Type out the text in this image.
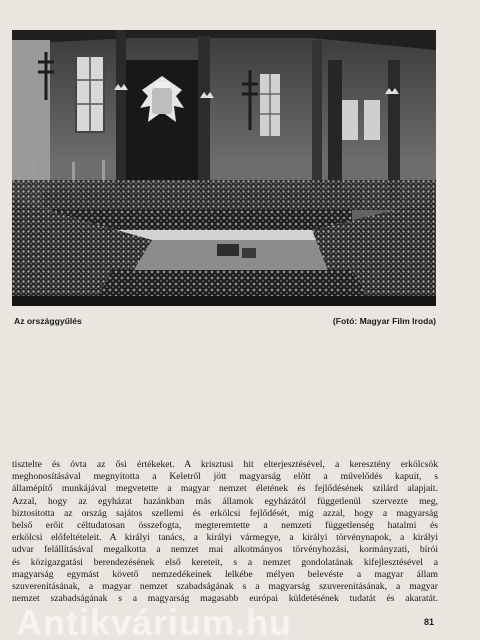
Az országgyűlés	(Fotó: Magyar Film Iroda)
tisztelte és óvta az ősi értékeket. A krisztusi hit elterjesztésével, a keresztény erkölcsök
meghonosításával megnyitotta a Keletről jött magyarság előtt a művelődés kapuit, s
államépítő munkájával megvetette a magyar nemzet életének és fejlődésének szilárd alapjait.
Azzal, hogy az egyházat hazánkban más államok egyházától függetlenül szervezte meg,
biztosította az ország sajátos szellemi és erkölcsi fejlődését, míg azzal, hogy a magyarság
belső erőit céltudatosan összefogta, megteremtette a nemzeti függetlenség hatalmi és
erkölcsi előfeltételeit. A királyi tanács, a királyi vármegye, a királyi törvénynapok, a királyi
udvar felállításával megalkotta a nemzet mai alkotmányos törvényhozási, kormányzati, bírói
és közigazgatási berendezésének első kereteit, s a nemzet gondolatának kifejlesztésével a
magyarság egymást követő nemzedékeinek lelkébe mélyen belevéste a magyar állam
szuverenitásának, a magyar nemzet szabadságának s a magyarság szuverenitásának, a magyar
nemzet szabadságának s a magyarság magasabb európai küldetésének tudatát és akaratát.
Antikvárium.hu	81
